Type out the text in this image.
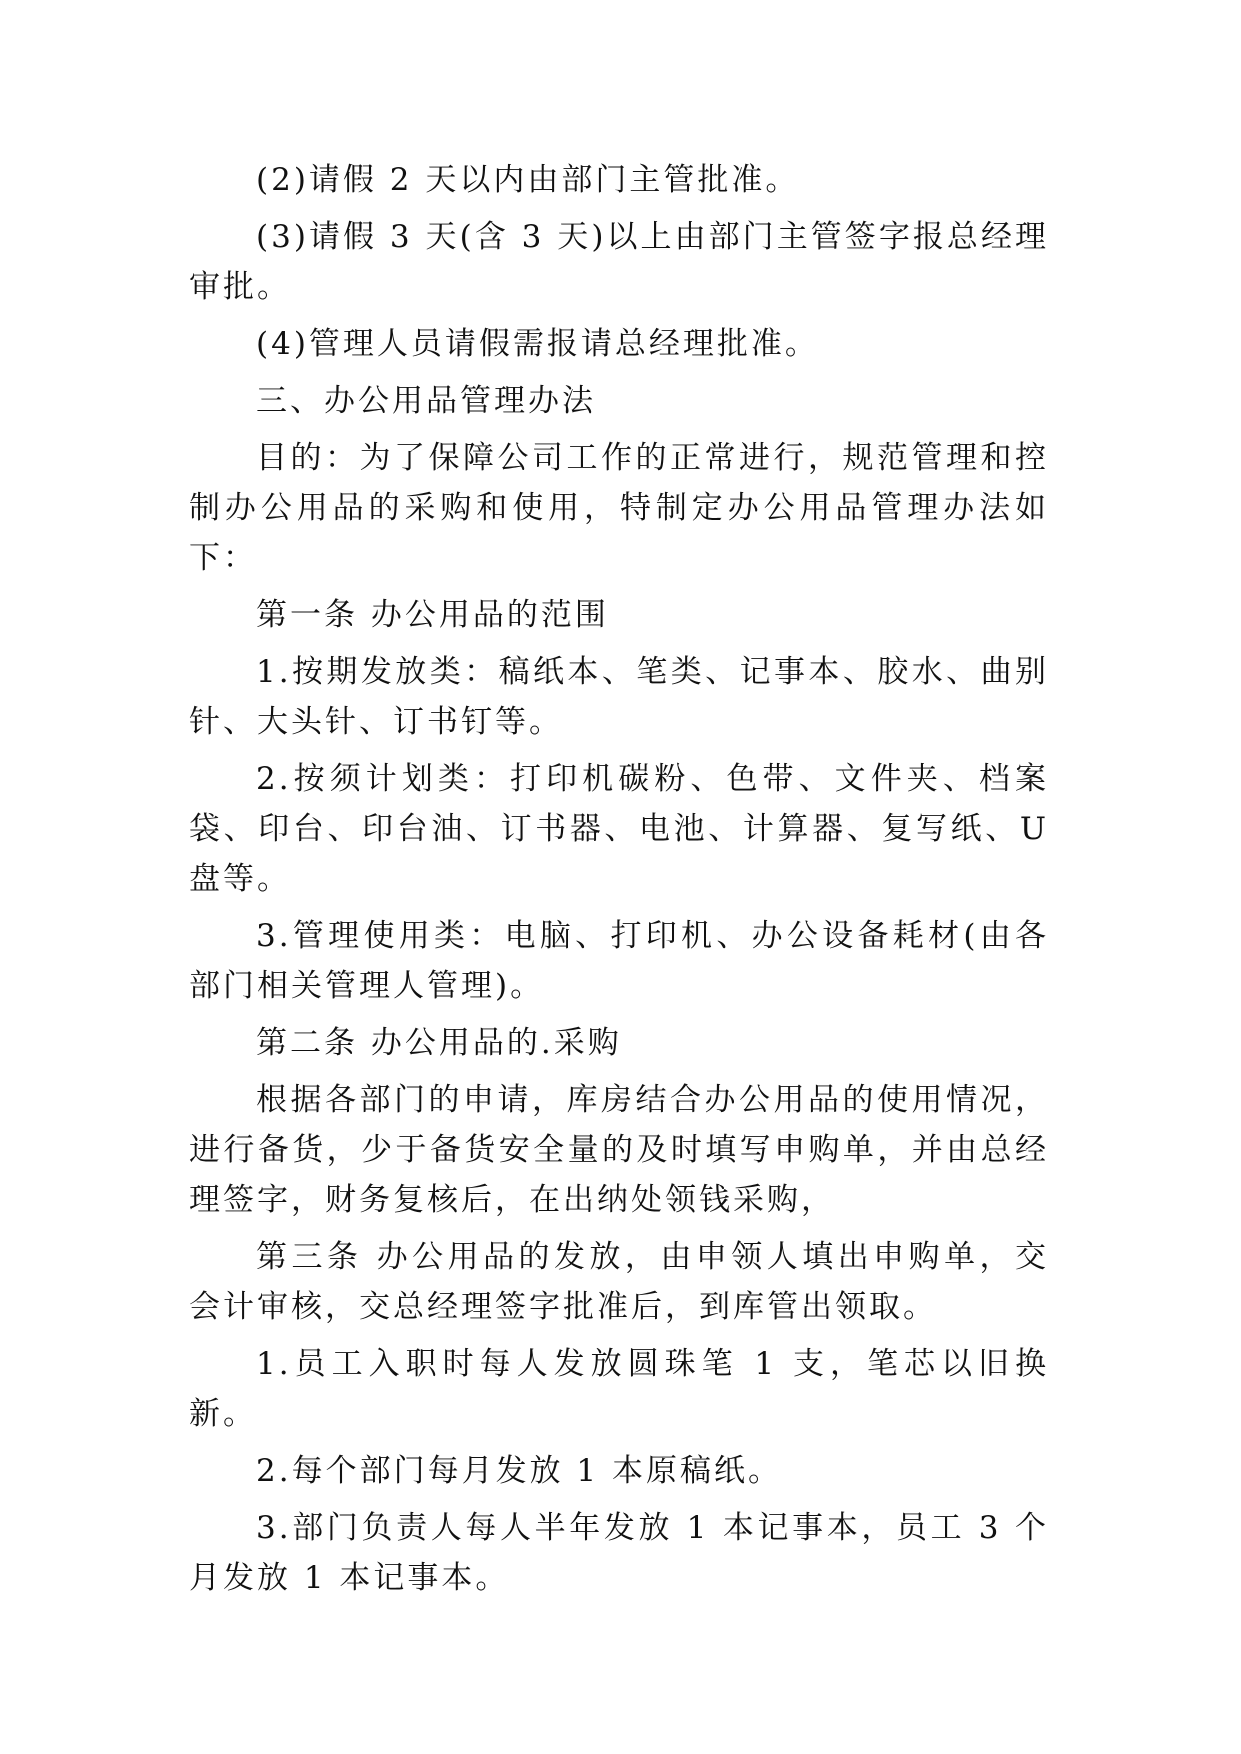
(2)请假 2 天以内由部门主管批准。

(3)请假 3 天(含 3 天)以上由部门主管签字报总经理审批。

(4)管理人员请假需报请总经理批准。

三、办公用品管理办法

目的：为了保障公司工作的正常进行，规范管理和控制办公用品的采购和使用，特制定办公用品管理办法如下：

第一条 办公用品的范围

1.按期发放类：稿纸本、笔类、记事本、胶水、曲别针、大头针、订书钉等。

2.按须计划类：打印机碳粉、色带、文件夹、档案袋、印台、印台油、订书器、电池、计算器、复写纸、U 盘等。

3.管理使用类：电脑、打印机、办公设备耗材(由各部门相关管理人管理)。

第二条 办公用品的.采购

根据各部门的申请，库房结合办公用品的使用情况，进行备货，少于备货安全量的及时填写申购单，并由总经理签字，财务复核后，在出纳处领钱采购，

第三条 办公用品的发放，由申领人填出申购单，交会计审核，交总经理签字批准后，到库管出领取。

1.员工入职时每人发放圆珠笔 1 支，笔芯以旧换新。

2.每个部门每月发放 1 本原稿纸。

3.部门负责人每人半年发放 1 本记事本，员工 3 个月发放 1 本记事本。
